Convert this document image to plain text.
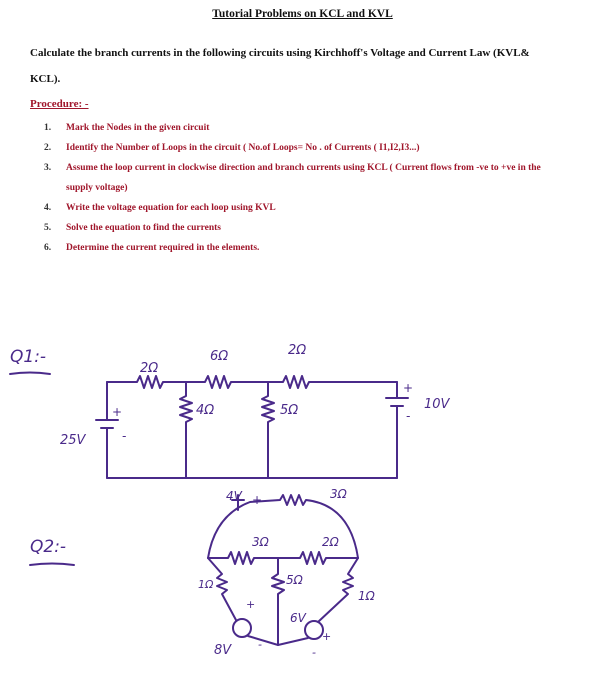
Tutorial Problems on KCL and KVL
Calculate the branch currents in the following circuits using Kirchhoff's Voltage and Current Law (KVL& KCL).
Procedure: -
1. Mark the Nodes in the given circuit
2. Identify the Number of Loops in the circuit ( No.of Loops= No . of Currents ( I1,I2,I3...)
3. Assume the loop current in clockwise direction and branch currents using KCL ( Current flows from -ve to +ve in the supply voltage)
4. Write the voltage equation for each loop using KVL
5. Solve the equation to find the currents
6. Determine the current required in the elements.
Q1:-
2Ω
6Ω	2Ω
4Ω	5Ω
25V
10V
+
-
+
-
Q2:-
4V +	3Ω
3Ω	2Ω
1Ω	5Ω
1Ω
8V
6V
+
-
+
-
